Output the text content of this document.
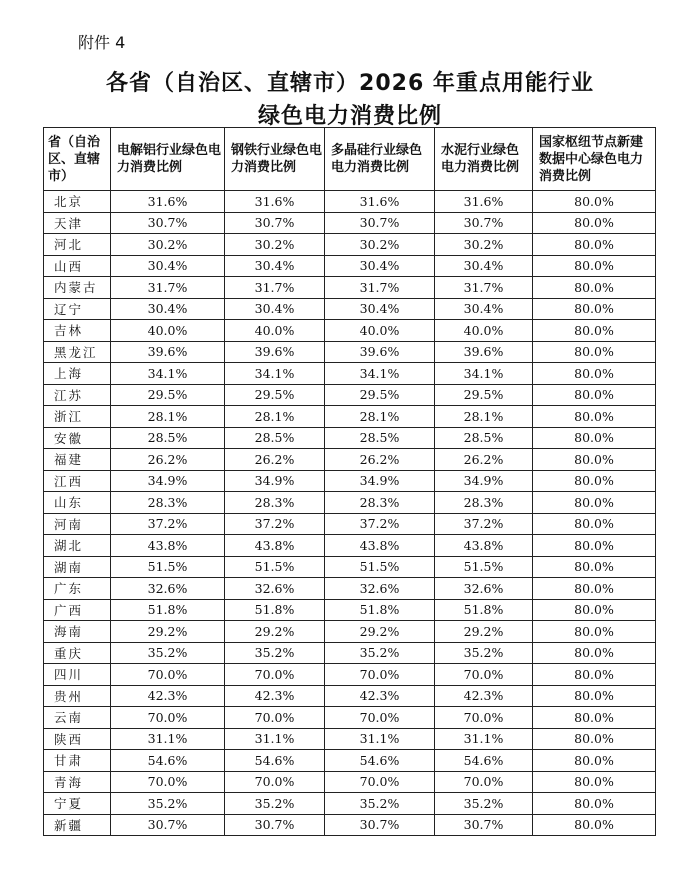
附件 4
各省（自治区、直辖市）2026 年重点用能行业
绿色电力消费比例
省（自治区、直辖市）	电解铝行业绿色电力消费比例	钢铁行业绿色电力消费比例	多晶硅行业绿色电力消费比例	水泥行业绿色电力消费比例	国家枢纽节点新建数据中心绿色电力消费比例
北京	31.6%	31.6%	31.6%	31.6%	80.0%
天津	30.7%	30.7%	30.7%	30.7%	80.0%
河北	30.2%	30.2%	30.2%	30.2%	80.0%
山西	30.4%	30.4%	30.4%	30.4%	80.0%
内蒙古	31.7%	31.7%	31.7%	31.7%	80.0%
辽宁	30.4%	30.4%	30.4%	30.4%	80.0%
吉林	40.0%	40.0%	40.0%	40.0%	80.0%
黑龙江	39.6%	39.6%	39.6%	39.6%	80.0%
上海	34.1%	34.1%	34.1%	34.1%	80.0%
江苏	29.5%	29.5%	29.5%	29.5%	80.0%
浙江	28.1%	28.1%	28.1%	28.1%	80.0%
安徽	28.5%	28.5%	28.5%	28.5%	80.0%
福建	26.2%	26.2%	26.2%	26.2%	80.0%
江西	34.9%	34.9%	34.9%	34.9%	80.0%
山东	28.3%	28.3%	28.3%	28.3%	80.0%
河南	37.2%	37.2%	37.2%	37.2%	80.0%
湖北	43.8%	43.8%	43.8%	43.8%	80.0%
湖南	51.5%	51.5%	51.5%	51.5%	80.0%
广东	32.6%	32.6%	32.6%	32.6%	80.0%
广西	51.8%	51.8%	51.8%	51.8%	80.0%
海南	29.2%	29.2%	29.2%	29.2%	80.0%
重庆	35.2%	35.2%	35.2%	35.2%	80.0%
四川	70.0%	70.0%	70.0%	70.0%	80.0%
贵州	42.3%	42.3%	42.3%	42.3%	80.0%
云南	70.0%	70.0%	70.0%	70.0%	80.0%
陕西	31.1%	31.1%	31.1%	31.1%	80.0%
甘肃	54.6%	54.6%	54.6%	54.6%	80.0%
青海	70.0%	70.0%	70.0%	70.0%	80.0%
宁夏	35.2%	35.2%	35.2%	35.2%	80.0%
新疆	30.7%	30.7%	30.7%	30.7%	80.0%
